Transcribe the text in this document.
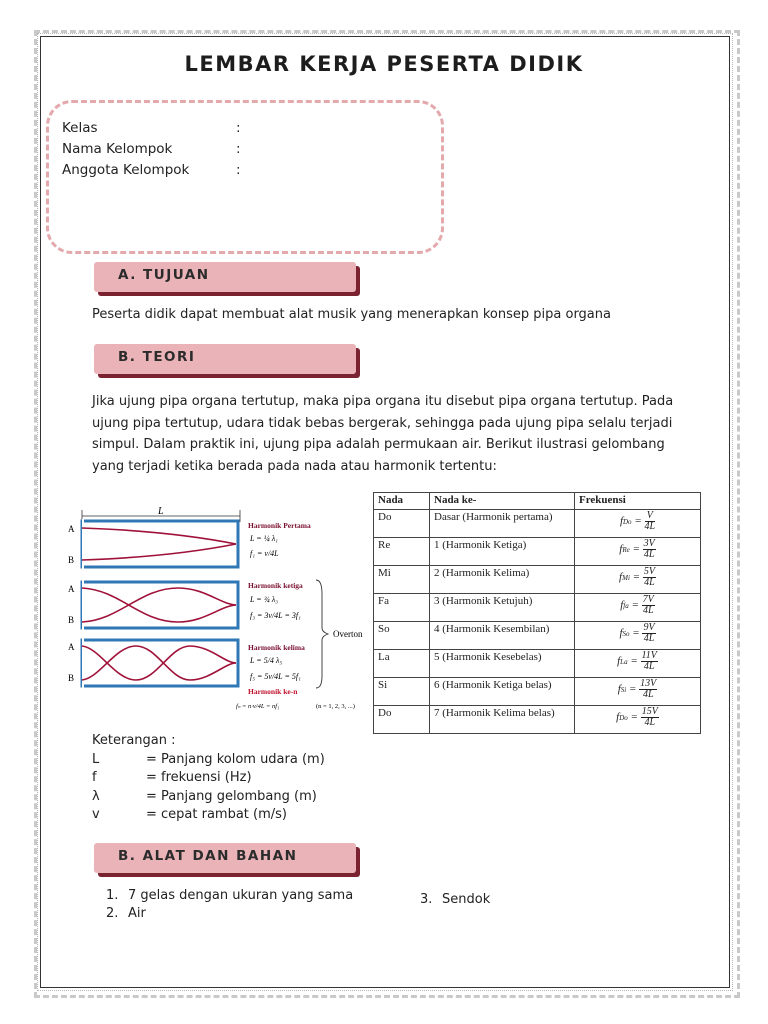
LEMBAR KERJA PESERTA DIDIK
Kelas	:
Nama Kelompok	:
Anggota Kelompok	:
A. TUJUAN
Peserta didik dapat membuat alat musik yang menerapkan konsep pipa organa
B. TEORI
Jika ujung pipa organa tertutup, maka pipa organa itu disebut pipa organa tertutup. Pada
ujung pipa tertutup, udara tidak bebas bergerak, sehingga pada ujung pipa selalu terjadi
simpul. Dalam praktik ini, ujung pipa adalah permukaan air. Berikut ilustrasi gelombang
yang terjadi ketika berada pada nada atau harmonik tertentu:
L
A
B
A
B
A
B
Harmonik Pertama
L = ¼ λ₁
f₁ = v/4L
Harmonik ketiga
L = ¾ λ₃
f₃ = 3v/4L = 3f₁
Harmonik kelima
L = 5/4 λ₅
f₅ = 5v/4L = 5f₁
Harmonik ke-n
fₙ = n·v/4L = nf₁	(n = 1, 2, 3, ...)
Overton
Nada	Nada ke-	Frekuensi
Do	Dasar (Harmonik pertama)	fDo = $\frac{V}{4L}$

Re	1 (Harmonik Ketiga)	fRe = $\frac{3V}{4L}$

Mi	2 (Harmonik Kelima)	fMi = $\frac{5V}{4L}$

Fa	3 (Harmonik Ketujuh)	ffa = $\frac{7V}{4L}$

So	4 (Harmonik Kesembilan)	fSo = $\frac{9V}{4L}$

La	5 (Harmonik Kesebelas)	fLa = $\frac{11V}{4L}$

Si	6 (Harmonik Ketiga belas)	fSi = $\frac{13V}{4L}$

Do	7 (Harmonik Kelima belas)	fDo = $\frac{15V}{4L}$
Keterangan :
L	= Panjang kolom udara (m)
f	= frekuensi (Hz)
λ	= Panjang gelombang (m)
v	= cepat rambat (m/s)
B. ALAT DAN BAHAN
1. 7 gelas dengan ukuran yang sama
2. Air
3. Sendok
